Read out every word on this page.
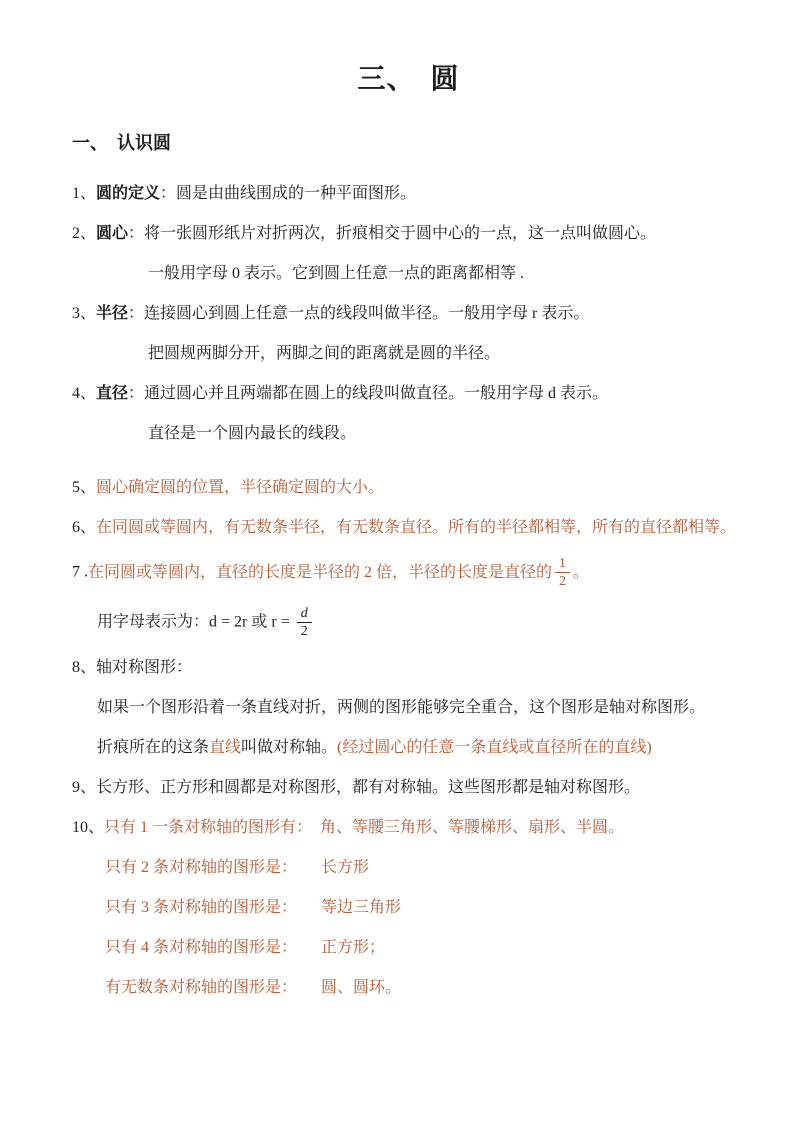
三、　圆
一、　认识圆
1、圆的定义：圆是由曲线围成的一种平面图形。
2、圆心：将一张圆形纸片对折两次，折痕相交于圆中心的一点，这一点叫做圆心。
一般用字母 0 表示。它到圆上任意一点的距离都相等 .
3、半径：连接圆心到圆上任意一点的线段叫做半径。一般用字母 r 表示。
把圆规两脚分开，两脚之间的距离就是圆的半径。
4、直径：通过圆心并且两端都在圆上的线段叫做直径。一般用字母 d 表示。
直径是一个圆内最长的线段。
5、圆心确定圆的位置，半径确定圆的大小。
6、在同圆或等圆内，有无数条半径，有无数条直径。所有的半径都相等，所有的直径都相等。
7 .在同圆或等圆内，直径的长度是半径的 2 倍，半径的长度是直径的 $\frac{1}{2}$ 。
用字母表示为：d = 2r 或 $r = \frac{d}{2}$
8、轴对称图形：
如果一个图形沿着一条直线对折，两侧的图形能够完全重合，这个图形是轴对称图形。
折痕所在的这条直线叫做对称轴。(经过圆心的任意一条直线或直径所在的直线)
9、长方形、正方形和圆都是对称图形，都有对称轴。这些图形都是轴对称图形。
10、只有 1 一条对称轴的图形有：　角、等腰三角形、等腰梯形、扇形、半圆。
只有 2 条对称轴的图形是：　　长方形
只有 3 条对称轴的图形是：　　等边三角形
只有 4 条对称轴的图形是：　　正方形；
有无数条对称轴的图形是：　　圆、圆环。
